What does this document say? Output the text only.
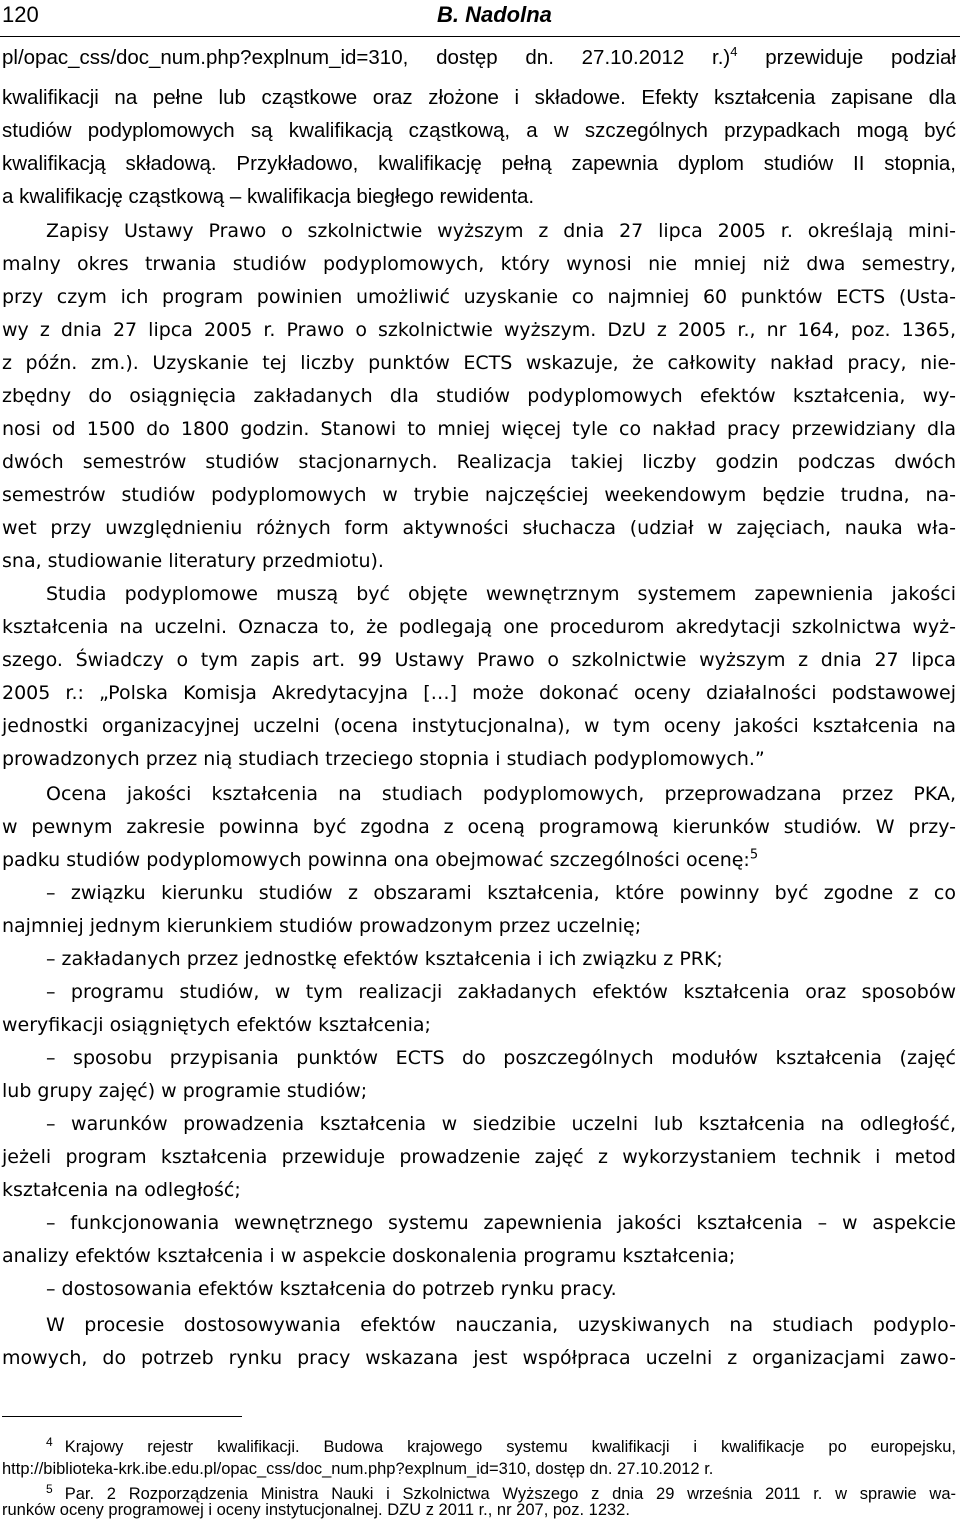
120	B. Nadolna
pl/opac_css/doc_num.php?explnum_id=310, dostęp dn. 27.10.2012 r.)$^4$ przewiduje podział
kwalifikacji na pełne lub cząstkowe oraz złożone i składowe. Efekty kształcenia zapisane dla
studiów podyplomowych są kwalifikacją cząstkową, a w szczególnych przypadkach mogą być
kwalifikacją składową. Przykładowo, kwalifikację pełną zapewnia dyplom studiów II stopnia,
a kwalifikację cząstkową – kwalifikacja biegłego rewidenta.
Zapisy Ustawy Prawo o szkolnictwie wyższym z dnia 27 lipca 2005 r. określają mini-
malny okres trwania studiów podyplomowych, który wynosi nie mniej niż dwa semestry,
przy czym ich program powinien umożliwić uzyskanie co najmniej 60 punktów ECTS (Usta-
wy z dnia 27 lipca 2005 r. Prawo o szkolnictwie wyższym. DzU z 2005 r., nr 164, poz. 1365,
z późn. zm.). Uzyskanie tej liczby punktów ECTS wskazuje, że całkowity nakład pracy, nie-
zbędny do osiągnięcia zakładanych dla studiów podyplomowych efektów kształcenia, wy-
nosi od 1500 do 1800 godzin. Stanowi to mniej więcej tyle co nakład pracy przewidziany dla
dwóch semestrów studiów stacjonarnych. Realizacja takiej liczby godzin podczas dwóch
semestrów studiów podyplomowych w trybie najczęściej weekendowym będzie trudna, na-
wet przy uwzględnieniu różnych form aktywności słuchacza (udział w zajęciach, nauka wła-
sna, studiowanie literatury przedmiotu).
Studia podyplomowe muszą być objęte wewnętrznym systemem zapewnienia jakości
kształcenia na uczelni. Oznacza to, że podlegają one procedurom akredytacji szkolnictwa wyż-
szego. Świadczy o tym zapis art. 99 Ustawy Prawo o szkolnictwie wyższym z dnia 27 lipca
2005 r.: „Polska Komisja Akredytacyjna […] może dokonać oceny działalności podstawowej
jednostki organizacyjnej uczelni (ocena instytucjonalna), w tym oceny jakości kształcenia na
prowadzonych przez nią studiach trzeciego stopnia i studiach podyplomowych.”
Ocena jakości kształcenia na studiach podyplomowych, przeprowadzana przez PKA,
w pewnym zakresie powinna być zgodna z oceną programową kierunków studiów. W przy-
padku studiów podyplomowych powinna ona obejmować szczególności ocenę:$^5$
– związku kierunku studiów z obszarami kształcenia, które powinny być zgodne z co
najmniej jednym kierunkiem studiów prowadzonym przez uczelnię;
– zakładanych przez jednostkę efektów kształcenia i ich związku z PRK;
– programu studiów, w tym realizacji zakładanych efektów kształcenia oraz sposobów
weryfikacji osiągniętych efektów kształcenia;
– sposobu przypisania punktów ECTS do poszczególnych modułów kształcenia (zajęć
lub grupy zajęć) w programie studiów;
– warunków prowadzenia kształcenia w siedzibie uczelni lub kształcenia na odległość,
jeżeli program kształcenia przewiduje prowadzenie zajęć z wykorzystaniem technik i metod
kształcenia na odległość;
– funkcjonowania wewnętrznego systemu zapewnienia jakości kształcenia – w aspekcie
analizy efektów kształcenia i w aspekcie doskonalenia programu kształcenia;
– dostosowania efektów kształcenia do potrzeb rynku pracy.
W procesie dostosowywania efektów nauczania, uzyskiwanych na studiach podyplo-
mowych, do potrzeb rynku pracy wskazana jest współpraca uczelni z organizacjami zawo-
$^4$ Krajowy rejestr kwalifikacji. Budowa krajowego systemu kwalifikacji i kwalifikacje po europejsku,
http://biblioteka-krk.ibe.edu.pl/opac_css/doc_num.php?explnum_id=310, dostęp dn. 27.10.2012 r.
$^5$ Par. 2 Rozporządzenia Ministra Nauki i Szkolnictwa Wyższego z dnia 29 września 2011 r. w sprawie wa-
runków oceny programowej i oceny instytucjonalnej. DZU z 2011 r., nr 207, poz. 1232.
